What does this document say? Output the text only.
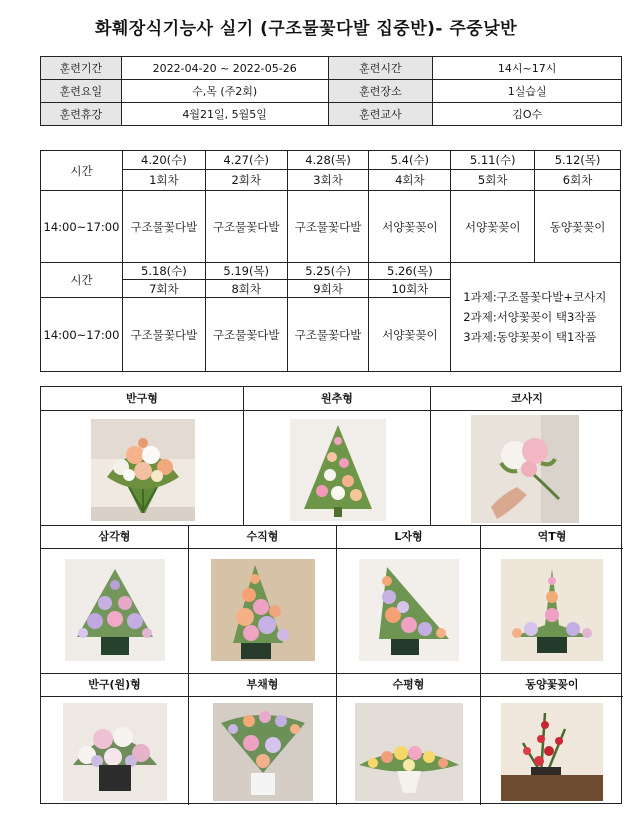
화훼장식기능사 실기 (구조물꽃다발 집중반)- 주중낮반
훈련기간	2022-04-20 ~ 2022-05-26	훈련시간	14시~17시
훈련요일	수,목 (주2회)	훈련장소	1실습실
훈련휴강	4월21일, 5월5일	훈련교사	김O수
시간	4.20(수)	4.27(수)	4.28(목)	5.4(수)	5.11(수)	5.12(목)
	1회차	2회차	3회차	4회차	5회차	6회차
14:00~17:00	구조물꽃다발	구조물꽃다발	구조물꽃다발	서양꽃꽂이	서양꽃꽂이	동양꽃꽂이
시간	5.18(수)	5.19(목)	5.25(수)	5.26(목)	1과제:구조물꽃다발+코사지
2과제:서양꽃꽂이 택3작품
3과제:동양꽃꽂이 택1작품	

	7회차	8회차	9회차	10회차		
14:00~17:00	구조물꽃다발	구조물꽃다발	구조물꽃다발	서양꽃꽂이		
반구형	원추형	코사지
삼각형	수직형	L자형	역T형
반구(원)형	부채형	수평형	동양꽃꽂이
